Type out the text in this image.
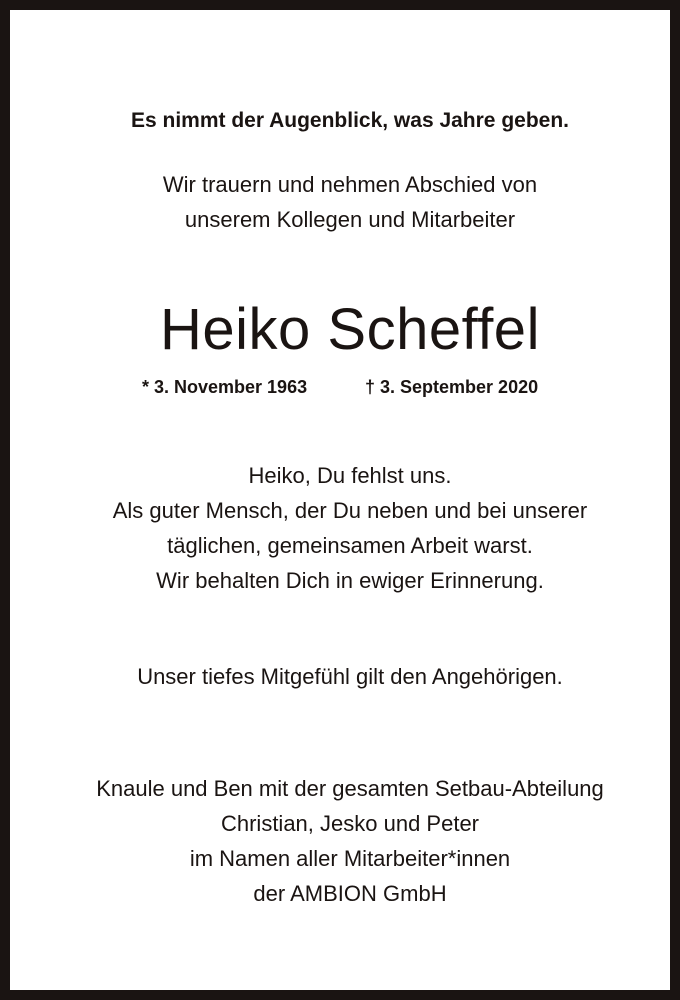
Es nimmt der Augenblick, was Jahre geben.
Wir trauern und nehmen Abschied von
unserem Kollegen und Mitarbeiter
Heiko Scheffel
* 3. November 1963	† 3. September 2020
Heiko, Du fehlst uns.
Als guter Mensch, der Du neben und bei unserer
täglichen, gemeinsamen Arbeit warst.
Wir behalten Dich in ewiger Erinnerung.
Unser tiefes Mitgefühl gilt den Angehörigen.
Knaule und Ben mit der gesamten Setbau-Abteilung
Christian, Jesko und Peter
im Namen aller Mitarbeiter*innen
der AMBION GmbH
